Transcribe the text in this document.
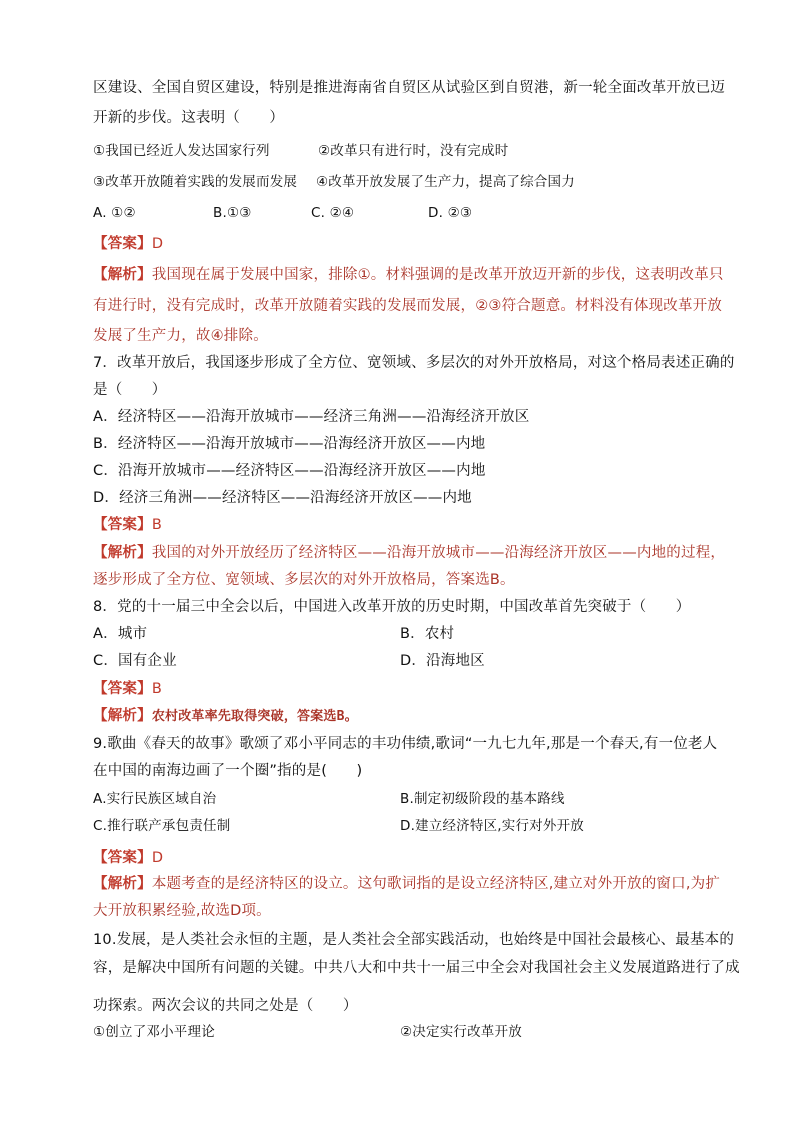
区建设、全国自贸区建设，特别是推进海南省自贸区从试验区到自贸港，新一轮全面改革开放已迈
开新的步伐。这表明（　　）
①我国已经近人发达国家行列	②改革只有进行时，没有完成时
③改革开放随着实践的发展而发展 ④改革开放发展了生产力，提高了综合国力
A. ①②	B.①③	C. ②④	D. ②③
【答案】D
【解析】我国现在属于发展中国家，排除①。材料强调的是改革开放迈开新的步伐，这表明改革只
有进行时，没有完成时，改革开放随着实践的发展而发展，②③符合题意。材料没有体现改革开放
发展了生产力，故④排除。
7．改革开放后，我国逐步形成了全方位、宽领域、多层次的对外开放格局，对这个格局表述正确的
是（　　）
A．经济特区——沿海开放城市——经济三角洲——沿海经济开放区
B．经济特区——沿海开放城市——沿海经济开放区——内地
C．沿海开放城市——经济特区——沿海经济开放区——内地
D．经济三角洲——经济特区——沿海经济开放区——内地
【答案】B
【解析】我国的对外开放经历了经济特区——沿海开放城市——沿海经济开放区——内地的过程，
逐步形成了全方位、宽领域、多层次的对外开放格局，答案选B。
8．党的十一届三中全会以后，中国进入改革开放的历史时期，中国改革首先突破于（　　）
A．城市	B．农村
C．国有企业	D．沿海地区
【答案】B
【解析】农村改革率先取得突破，答案选B。
9.歌曲《春天的故事》歌颂了邓小平同志的丰功伟绩,歌词“一九七九年,那是一个春天,有一位老人
在中国的南海边画了一个圈”指的是(　　)
A.实行民族区域自治	B.制定初级阶段的基本路线
C.推行联产承包责任制	D.建立经济特区,实行对外开放
【答案】D
【解析】本题考查的是经济特区的设立。这句歌词指的是设立经济特区,建立对外开放的窗口,为扩
大开放积累经验,故选D项。
10.发展，是人类社会永恒的主题，是人类社会全部实践活动，也始终是中国社会最核心、最基本的
容，是解决中国所有问题的关键。中共八大和中共十一届三中全会对我国社会主义发展道路进行了成
功探索。两次会议的共同之处是（　　）
①创立了邓小平理论	②决定实行改革开放
